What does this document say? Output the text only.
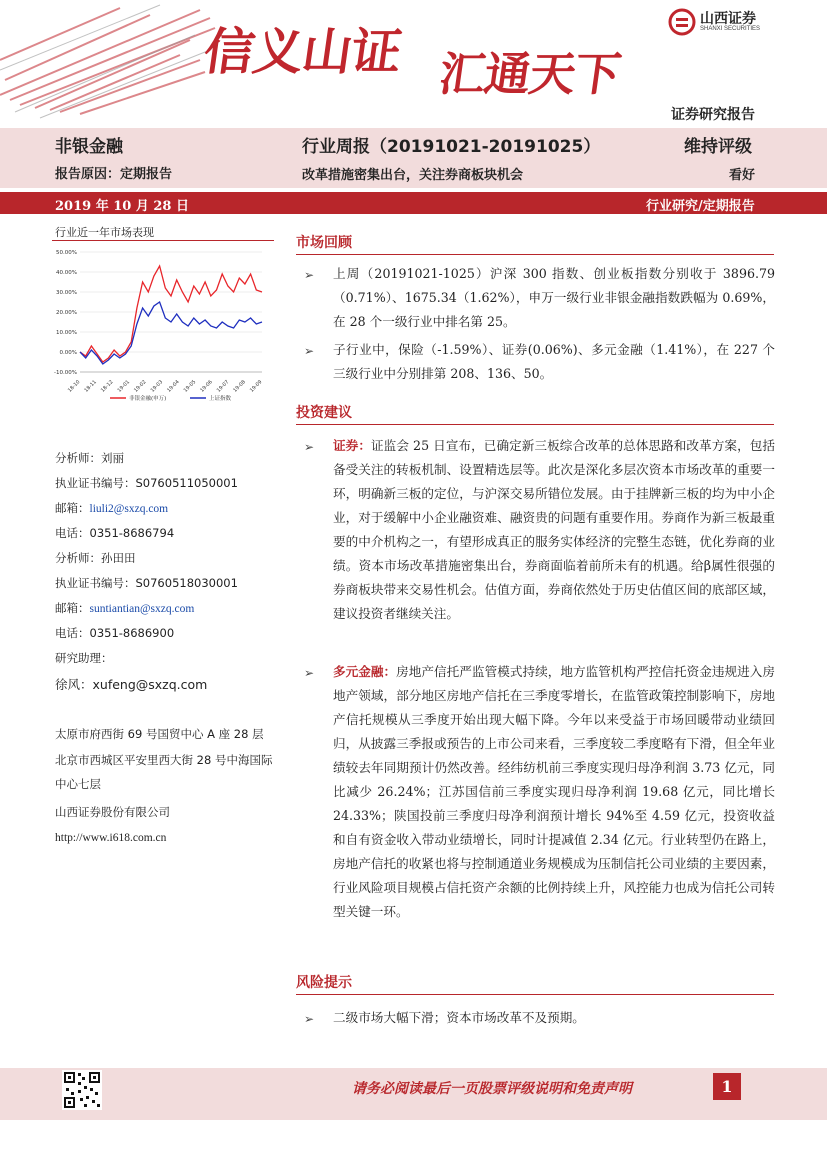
信义山证 汇通天下
山西证券
SHANXI SECURITIES
证券研究报告
非银金融
报告原因：定期报告
行业周报（20191021-20191025）
改革措施密集出台，关注券商板块机会
维持评级
看好
2019 年 10 月 28 日	行业研究/定期报告
行业近一年市场表现
50.00%
40.00%
30.00%
20.00%
10.00%
0.00%
-10.00%
18-10 18-11 18-12 19-01 19-02 19-03 19-04 19-05 19-06 19-07 19-08 19-09
非银金融(申万)	上证指数
分析师：刘丽
执业证书编号：S0760511050001
邮箱：liuli2@sxzq.com
电话：0351-8686794
分析师：孙田田
执业证书编号：S0760518030001
邮箱：suntiantian@sxzq.com
电话：0351-8686900
研究助理：
徐风：xufeng@sxzq.com
太原市府西街 69 号国贸中心 A 座 28 层
北京市西城区平安里西大街 28 号中海国际中心七层
山西证券股份有限公司
http://www.i618.com.cn
市场回顾
➢ 上周（20191021-1025）沪深 300 指数、创业板指数分别收于 3896.79（0.71%）、1675.34（1.62%），申万一级行业非银金融指数跌幅为 0.69%，在 28 个一级行业中排名第 25。
➢ 子行业中，保险（-1.59%）、证券(0.06%)、多元金融（1.41%），在 227 个三级行业中分别排第 208、136、50。
投资建议
➢ 证券：证监会 25 日宣布，已确定新三板综合改革的总体思路和改革方案，包括备受关注的转板机制、设置精选层等。此次是深化多层次资本市场改革的重要一环，明确新三板的定位，与沪深交易所错位发展。由于挂牌新三板的均为中小企业，对于缓解中小企业融资难、融资贵的问题有重要作用。券商作为新三板最重要的中介机构之一，有望形成真正的服务实体经济的完整生态链，优化券商的业绩。资本市场改革措施密集出台，券商面临着前所未有的机遇。给β属性很强的券商板块带来交易性机会。估值方面，券商依然处于历史估值区间的底部区域，建议投资者继续关注。
➢ 多元金融：房地产信托严监管模式持续，地方监管机构严控信托资金违规进入房地产领域，部分地区房地产信托在三季度零增长，在监管政策控制影响下，房地产信托规模从三季度开始出现大幅下降。今年以来受益于市场回暖带动业绩回归，从披露三季报或预告的上市公司来看，三季度较二季度略有下滑，但全年业绩较去年同期预计仍然改善。经纬纺机前三季度实现归母净利润 3.73 亿元，同比减少 26.24%；江苏国信前三季度实现归母净利润 19.68 亿元，同比增长 24.33%；陕国投前三季度归母净利润预计增长 94%至 4.59 亿元，投资收益和自有资金收入带动业绩增长，同时计提减值 2.34 亿元。行业转型仍在路上，房地产信托的收紧也将与控制通道业务规模成为压制信托公司业绩的主要因素，行业风险项目规模占信托资产余额的比例持续上升，风控能力也成为信托公司转型关键一环。
风险提示
➢ 二级市场大幅下滑；资本市场改革不及预期。
请务必阅读最后一页股票评级说明和免责声明	1
